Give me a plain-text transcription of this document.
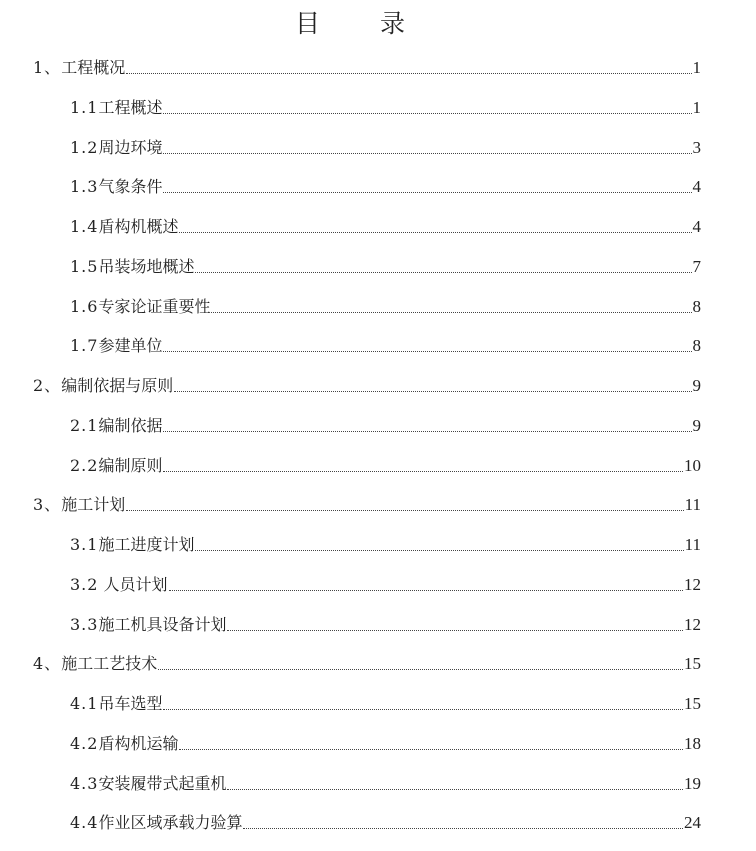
目 录
1、工程概况	1
1.1工程概述	1
1.2周边环境	3
1.3气象条件	4
1.4盾构机概述	4
1.5吊装场地概述	7
1.6专家论证重要性	8
1.7参建单位	8
2、编制依据与原则	9
2.1编制依据	9
2.2编制原则	10
3、施工计划	11
3.1施工进度计划	11
3.2 人员计划	12
3.3施工机具设备计划	12
4、施工工艺技术	15
4.1吊车选型	15
4.2盾构机运输	18
4.3安装履带式起重机	19
4.4作业区域承载力验算	24
